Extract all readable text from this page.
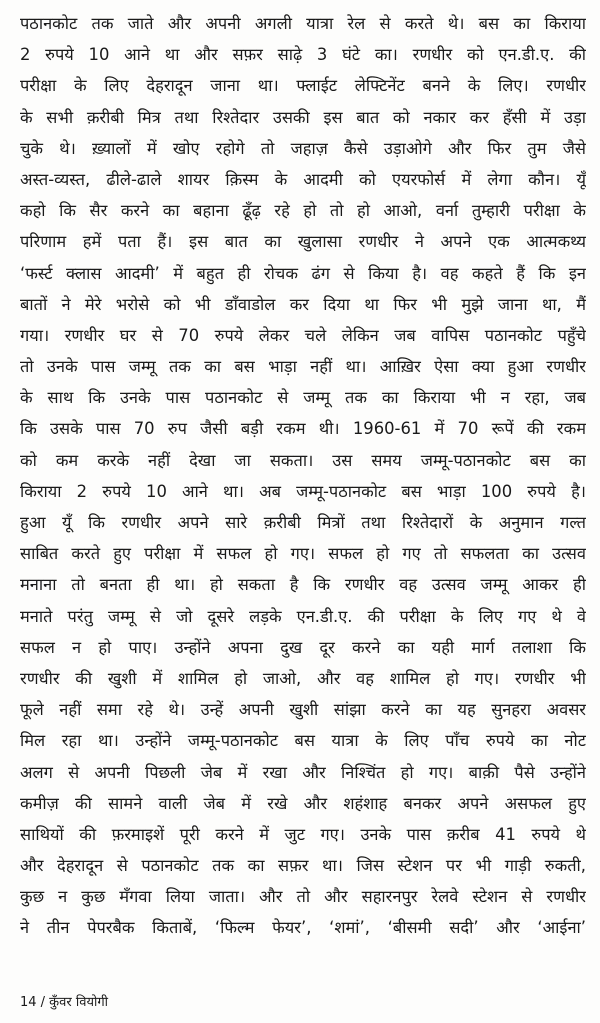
पठानकोट तक जाते और अपनी अगली यात्रा रेल से करते थे। बस का किराया
2 रुपये 10 आने था और सफ़र साढ़े 3 घंटे का। रणधीर को एन.डी.ए. की
परीक्षा के लिए देहरादून जाना था। फ्लाईट लेफ्टिनेंट बनने के लिए। रणधीर
के सभी क़रीबी मित्र तथा रिश्तेदार उसकी इस बात को नकार कर हँसी में उड़ा
चुके थे। ख़्यालों में खोए रहोगे तो जहाज़ कैसे उड़ाओगे और फिर तुम जैसे
अस्त-व्यस्त, ढीले-ढाले शायर क़िस्म के आदमी को एयरफोर्स में लेगा कौन। यूँ
कहो कि सैर करने का बहाना ढूँढ़ रहे हो तो हो आओ, वर्ना तुम्हारी परीक्षा के
परिणाम हमें पता हैं। इस बात का खुलासा रणधीर ने अपने एक आत्मकथ्य
‘फर्स्ट क्लास आदमी’ में बहुत ही रोचक ढंग से किया है। वह कहते हैं कि इन
बातों ने मेरे भरोसे को भी डाँवाडोल कर दिया था फिर भी मुझे जाना था, मैं
गया। रणधीर घर से 70 रुपये लेकर चले लेकिन जब वापिस पठानकोट पहुँचे
तो उनके पास जम्मू तक का बस भाड़ा नहीं था। आख़िर ऐसा क्या हुआ रणधीर
के साथ कि उनके पास पठानकोट से जम्मू तक का किराया भी न रहा, जब
कि उसके पास 70 रुप जैसी बड़ी रकम थी। 1960-61 में 70 रूपें की रकम
को कम करके नहीं देखा जा सकता। उस समय जम्मू-पठानकोट बस का
किराया 2 रुपये 10 आने था। अब जम्मू-पठानकोट बस भाड़ा 100 रुपये है।
हुआ यूँ कि रणधीर अपने सारे क़रीबी मित्रों तथा रिश्तेदारों के अनुमान गल्त
साबित करते हुए परीक्षा में सफल हो गए। सफल हो गए तो सफलता का उत्सव
मनाना तो बनता ही था। हो सकता है कि रणधीर वह उत्सव जम्मू आकर ही
मनाते परंतु जम्मू से जो दूसरे लड़के एन.डी.ए. की परीक्षा के लिए गए थे वे
सफल न हो पाए। उन्होंने अपना दुख दूर करने का यही मार्ग तलाशा कि
रणधीर की खुशी में शामिल हो जाओ, और वह शामिल हो गए। रणधीर भी
फूले नहीं समा रहे थे। उन्हें अपनी खुशी सांझा करने का यह सुनहरा अवसर
मिल रहा था। उन्होंने जम्मू-पठानकोट बस यात्रा के लिए पाँच रुपये का नोट
अलग से अपनी पिछली जेब में रखा और निश्चिंत हो गए। बाक़ी पैसे उन्होंने
कमीज़ की सामने वाली जेब में रखे और शहंशाह बनकर अपने असफल हुए
साथियों की फ़रमाइशें पूरी करने में जुट गए। उनके पास क़रीब 41 रुपये थे
और देहरादून से पठानकोट तक का सफ़र था। जिस स्टेशन पर भी गाड़ी रुकती,
कुछ न कुछ मँगवा लिया जाता। और तो और सहारनपुर रेलवे स्टेशन से रणधीर
ने तीन पेपरबैक किताबें, ‘फिल्म फेयर’, ‘शमां’, ‘बीसमी सदी’ और ‘आईना’
14 / कुँवर वियोगी
